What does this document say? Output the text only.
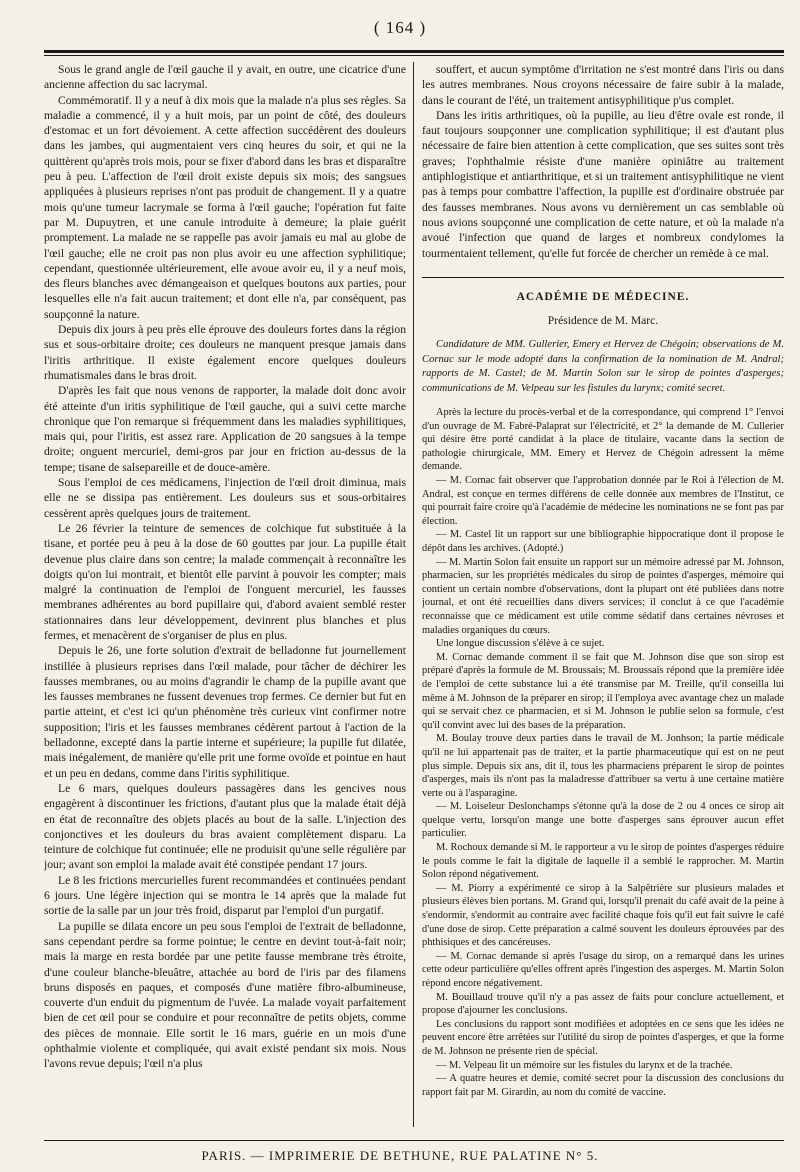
( 164 )

Sous le grand angle de l'œil gauche il y avait, en outre, une cicatrice d'une ancienne affection du sac lacrymal.

Commémoratif. Il y a neuf à dix mois que la malade n'a plus ses règles. Sa maladie a commencé, il y a huit mois, par un point de côté, des douleurs d'estomac et un fort dévoiement. A cette affection succédèrent des douleurs dans les jambes, qui augmentaient vers cinq heures du soir, et qui ne la quittèrent qu'après trois mois, pour se fixer d'abord dans les bras et disparaître peu à peu. L'affection de l'œil droit existe depuis six mois; des sangsues appliquées à plusieurs reprises n'ont pas produit de changement. Il y a quatre mois qu'une tumeur lacrymale se forma à l'œil gauche; l'opération fut faite par M. Dupuytren, et une canule introduite à demeure; la plaie guérit promptement. La malade ne se rappelle pas avoir jamais eu mal au globe de l'œil gauche; elle ne croit pas non plus avoir eu une affection syphilitique; cependant, questionnée ultérieurement, elle avoue avoir eu, il y a neuf mois, des fleurs blanches avec démangeaison et quelques boutons aux parties, pour lesquelles elle n'a fait aucun traitement; et dont elle n'a, par conséquent, pas soupçonné la nature.

Depuis dix jours à peu près elle éprouve des douleurs fortes dans la région sus et sous-orbitaire droite; ces douleurs ne manquent presque jamais dans l'iritis arthritique. Il existe également encore quelques douleurs rhumatismales dans le bras droit.

D'après les fait que nous venons de rapporter, la malade doit donc avoir été atteinte d'un iritis syphilitique de l'œil gauche, qui a suivi cette marche chronique que l'on remarque si fréquemment dans les maladies syphilitiques, mais qui, pour l'iritis, est assez rare. Application de 20 sangsues à la tempe droite; onguent mercuriel, demi-gros par jour en friction au-dessus de la tempe; tisane de salsepareille et de douce-amère.

Sous l'emploi de ces médicamens, l'injection de l'œil droit diminua, mais elle ne se dissipa pas entièrement. Les douleurs sus et sous-orbitaires cessèrent après quelques jours de traitement.

Le 26 février la teinture de semences de colchique fut substituée à la tisane, et portée peu à peu à la dose de 60 gouttes par jour. La pupille était devenue plus claire dans son centre; la malade commençait à reconnaître les doigts qu'on lui montrait, et bientôt elle parvint à pouvoir les compter; mais malgré la continuation de l'emploi de l'onguent mercuriel, les fausses membranes adhérentes au bord pupillaire qui, d'abord avaient semblé rester stationnaires dans leur développement, devinrent plus blanches et plus fermes, et menacèrent de s'organiser de plus en plus.

Depuis le 26, une forte solution d'extrait de belladonne fut journellement instillée à plusieurs reprises dans l'œil malade, pour tâcher de déchirer les fausses membranes, ou au moins d'agrandir le champ de la pupille avant que les fausses membranes ne fussent devenues trop fermes. Ce dernier but fut en partie atteint, et c'est ici qu'un phénomène très curieux vint confirmer notre supposition; l'iris et les fausses membranes cédèrent partout à l'action de la belladonne, excepté dans la partie interne et supérieure; la pupille fut dilatée, mais inégalement, de manière qu'elle prit une forme ovoïde et pointue en haut et un peu en dedans, comme dans l'iritis syphilitique.

Le 6 mars, quelques douleurs passagères dans les gencives nous engagèrent à discontinuer les frictions, d'autant plus que la malade était déjà en état de reconnaître des objets placés au bout de la salle. L'injection des conjonctives et les douleurs du bras avaient complètement disparu. La teinture de colchique fut continuée; elle ne produisit qu'une selle régulière par jour; avant son emploi la malade avait été constipée pendant 17 jours.

Le 8 les frictions mercurielles furent recommandées et continuées pendant 6 jours. Une légère injection qui se montra le 14 après que la malade fut sortie de la salle par un jour très froid, disparut par l'emploi d'un purgatif.

La pupille se dilata encore un peu sous l'emploi de l'extrait de belladonne, sans cependant perdre sa forme pointue; le centre en devint tout-à-fait noir; mais la marge en resta bordée par une petite fausse membrane très étroite, d'une couleur blanche-bleuâtre, attachée au bord de l'iris par des filamens bruns disposés en paques, et composés d'une matière fibro-albumineuse, couverte d'un enduit du pigmentum de l'uvée. La malade voyait parfaitement bien de cet œil pour se conduire et pour reconnaître de petits objets, comme des pièces de monnaie. Elle sortit le 16 mars, guérie en un mois d'une ophthalmie violente et compliquée, qui avait existé pendant six mois. Nous l'avons revue depuis; l'œil n'a plus

souffert, et aucun symptôme d'irritation ne s'est montré dans l'iris ou dans les autres membranes. Nous croyons nécessaire de faire subir à la malade, dans le courant de l'été, un traitement antisyphilitique p'us complet.

Dans les iritis arthritiques, où la pupille, au lieu d'être ovale est ronde, il faut toujours soupçonner une complication syphilitique; il est d'autant plus nécessaire de faire bien attention à cette complication, que ses suites sont très graves; l'ophthalmie résiste d'une manière opiniâtre au traitement antiphlogistique et antiarthritique, et si un traitement antisyphilitique ne vient pas à temps pour combattre l'affection, la pupille est d'ordinaire obstruée par des fausses membranes. Nous avons vu dernièrement un cas semblable où nous avions soupçonné une complication de cette nature, et où la malade n'a avoué l'infection que quand de larges et nombreux condylomes la tourmentaient tellement, qu'elle fut forcée de chercher un remède à ce mal.

ACADÉMIE DE MÉDECINE.
Présidence de M. Marc.
Candidature de MM. Gullerier, Emery et Hervez de Chégoin; observations de M. Cornac sur le mode adopté dans la confirmation de la nomination de M. Andral; rapports de M. Castel; de M. Martin Solon sur le sirop de pointes d'asperges; communications de M. Velpeau sur les fistules du larynx; comité secret.

Après la lecture du procès-verbal et de la correspondance, qui comprend 1° l'envoi d'un ouvrage de M. Fabré-Palaprat sur l'électricité, et 2° la demande de M. Cullerier qui désire être porté candidat à la place de titulaire, vacante dans la section de pathologie chirurgicale, MM. Emery et Hervez de Chégoin adressent la même demande.

— M. Cornac fait observer que l'approbation donnée par le Roi à l'élection de M. Andral, est conçue en termes différens de celle donnée aux membres de l'Institut, ce qui pourrait faire croire qu'à l'académie de médecine les nominations ne se font pas par élection.

— M. Castel lit un rapport sur une bibliographie hippocratique dont il propose le dépôt dans les archives. (Adopté.)

— M. Martin Solon fait ensuite un rapport sur un mémoire adressé par M. Johnson, pharmacien, sur les propriétés médicales du sirop de pointes d'asperges, mémoire qui contient un certain nombre d'observations, dont la plupart ont été publiées dans notre journal, et ont été recueillies dans divers services; il conclut à ce que l'académie reconnaisse que ce médicament est utile comme sédatif dans certaines névroses et maladies organiques du cœurs.

Une longue discussion s'élève à ce sujet.

M. Cornac demande comment il se fait que M. Johnson dise que son sirop est préparé d'après la formule de M. Broussais; M. Broussais répond que la première idée de l'emploi de cette substance lui a été transmise par M. Treille, qu'il conseilla lui même à M. Johnson de la préparer en sirop; il l'employa avec avantage chez un malade qui se servait chez ce pharmacien, et si M. Johnson le publie selon sa formule, c'est qu'il convint avec lui des bases de la préparation.

M. Boulay trouve deux parties dans le travail de M. Jonhson; la partie médicale qu'il ne lui appartenait pas de traiter, et la partie pharmaceutique qui est on ne peut plus simple. Depuis six ans, dit il, tous les pharmaciens préparent le sirop de pointes d'asperges, mais ils n'ont pas la maladresse d'attribuer sa vertu à une certaine matière verte ou à l'asparagine.

— M. Loiseleur Deslonchamps s'étonne qu'à la dose de 2 ou 4 onces ce sirop ait quelque vertu, lorsqu'on mange une botte d'asperges sans éprouver aucun effet particulier.

M. Rochoux demande si M. le rapporteur a vu le sirop de pointes d'asperges réduire le pouls comme le fait la digitale de laquelle il a semblé le rapprocher. M. Martin Solon répond négativement.

— M. Piorry a expérimenté ce sirop à la Salpêtrière sur plusieurs malades et plusieurs élèves bien portans. M. Grand qui, lorsqu'il prenait du café avait de la peine à s'endormir, s'endormit au contraire avec facilité chaque fois qu'il eut fait suivre le café d'une dose de sirop. Cette préparation a calmé souvent les douleurs éprouvées par des phthisiques et des cancéreuses.

— M. Cornac demande si après l'usage du sirop, on a remarqué dans les urines cette odeur particulière qu'elles offrent après l'ingestion des asperges. M. Martin Solon répond encore négativement.

M. Bouillaud trouve qu'il n'y a pas assez de faits pour conclure actuellement, et propose d'ajourner les conclusions.

Les conclusions du rapport sont modifiées et adoptées en ce sens que les idées ne peuvent encore être arrêtées sur l'utilité du sirop de pointes d'asperges, et que la forme de M. Johnson ne présente rien de spécial.

— M. Velpeau lit un mémoire sur les fistules du larynx et de la trachée.

— A quatre heures et demie, comité secret pour la discussion des conclusions du rapport fait par M. Girardin, au nom du comité de vaccine.

PARIS. — IMPRIMERIE DE BETHUNE, RUE PALATINE N° 5.
